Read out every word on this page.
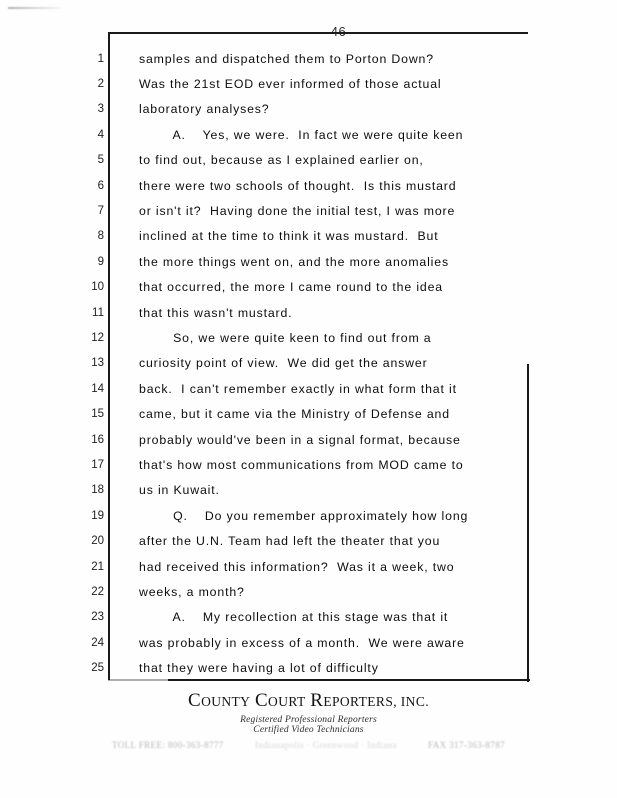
46
1	samples and dispatched them to Porton Down?
2	Was the 21st EOD ever informed of those actual
3	laboratory analyses?
4	A.    Yes, we were.  In fact we were quite keen
5	to find out, because as I explained earlier on,
6	there were two schools of thought.  Is this mustard
7	or isn't it?  Having done the initial test, I was more
8	inclined at the time to think it was mustard.  But
9	the more things went on, and the more anomalies
10	that occurred, the more I came round to the idea
11	that this wasn't mustard.
12	So, we were quite keen to find out from a
13	curiosity point of view.  We did get the answer
14	back.  I can't remember exactly in what form that it
15	came, but it came via the Ministry of Defense and
16	probably would've been in a signal format, because
17	that's how most communications from MOD came to
18	us in Kuwait.
19	Q.    Do you remember approximately how long
20	after the U.N. Team had left the theater that you
21	had received this information?  Was it a week, two
22	weeks, a month?
23	A.    My recollection at this stage was that it
24	was probably in excess of a month.  We were aware
25	that they were having a lot of difficulty
COUNTY COURT REPORTERS, INC.
Registered Professional Reporters
Certified Video Technicians
TOLL FREE: 800-363-8777	Indianapolis · Greenwood · Indiana	FAX 317-363-8787
